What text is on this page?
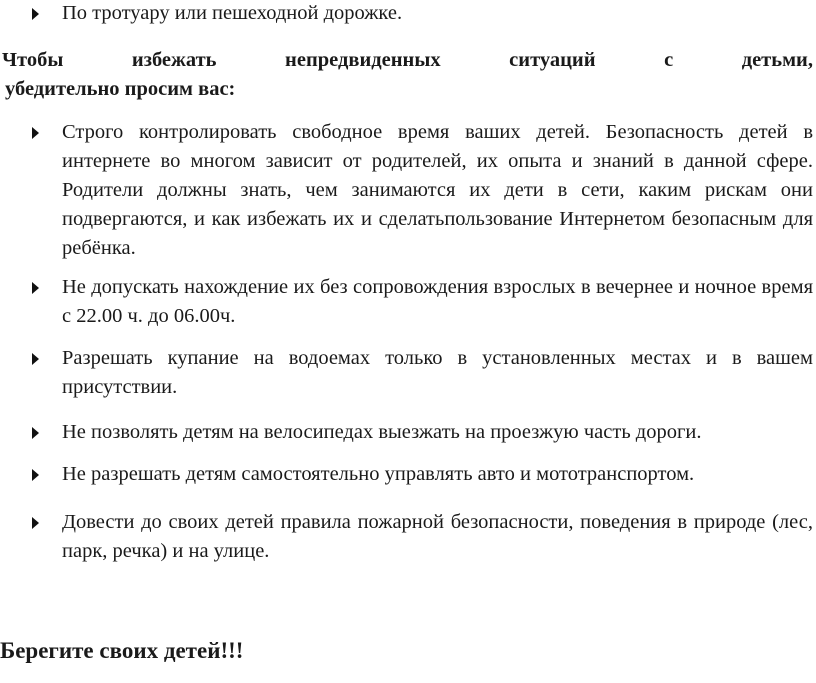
По тротуару или пешеходной дорожке.
Чтобы избежать непредвиденных ситуаций с детьми,
убедительно просим вас:
Строго контролировать свободное время ваших детей. Безопасность детей в интернете во многом зависит от родителей, их опыта и знаний в данной сфере. Родители должны знать, чем занимаются их дети в сети, каким рискам они подвергаются, и как избежать их и сделатьпользование Интернетом безопасным для ребёнка.
Не допускать нахождение их без сопровождения взрослых в вечернее и ночное время с 22.00 ч. до 06.00ч.
Разрешать купание на водоемах только в установленных местах и в вашем присутствии.
Не позволять детям на велосипедах выезжать на проезжую часть дороги.
Не разрешать детям самостоятельно управлять авто и мототранспортом.
Довести до своих детей правила пожарной безопасности, поведения в природе (лес, парк, речка) и на улице.
Берегите своих детей!!!
